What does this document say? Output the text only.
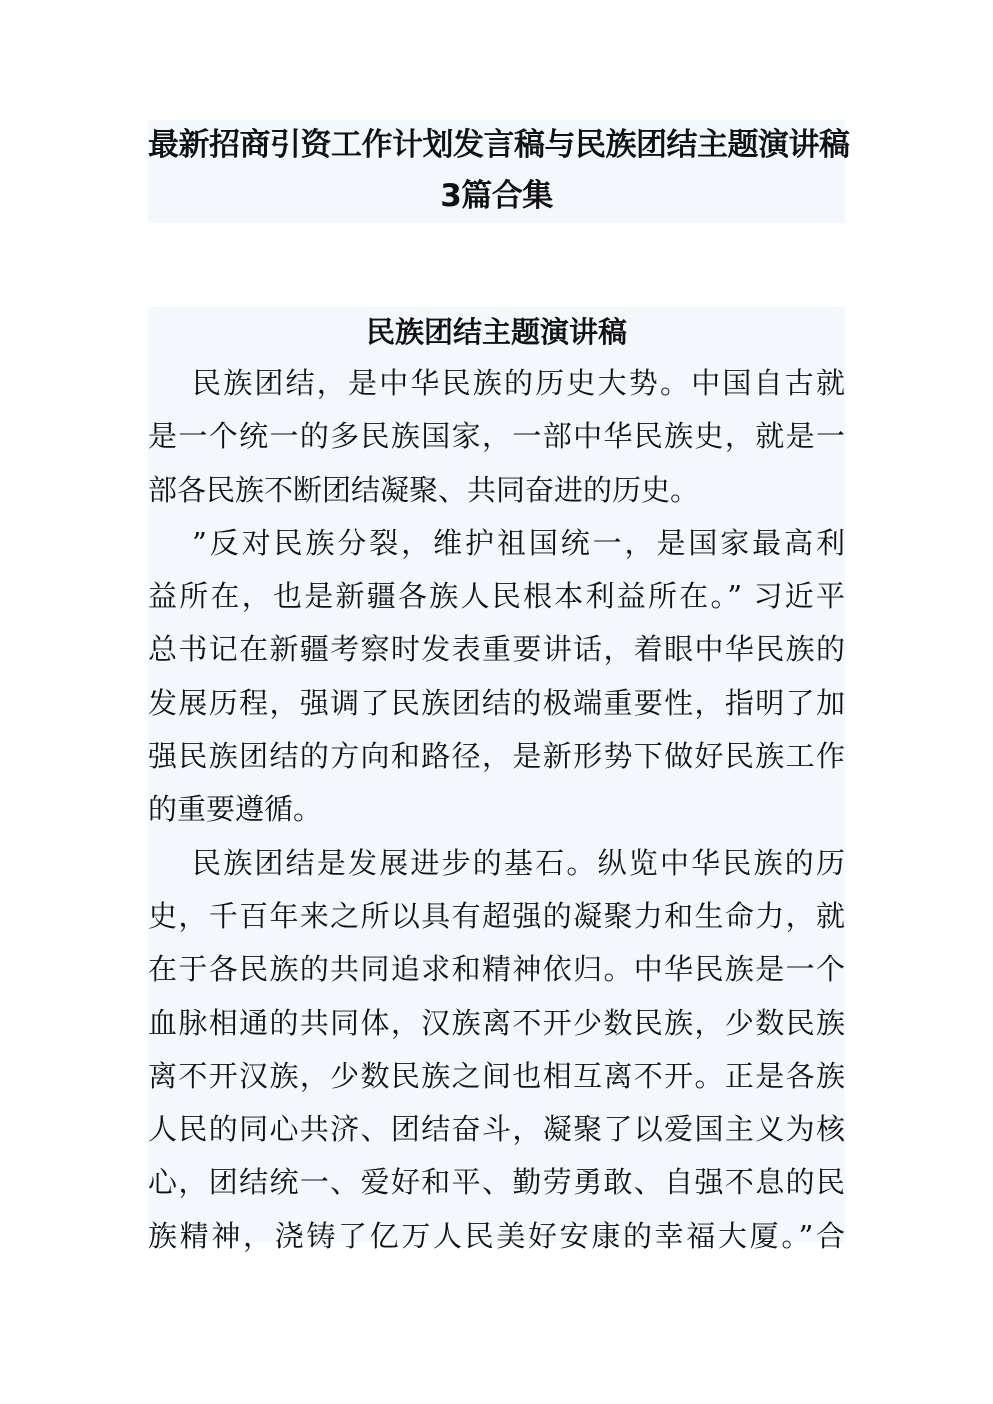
最新招商引资工作计划发言稿与民族团结主题演讲稿
3篇合集
民族团结主题演讲稿
民族团结，是中华民族的历史大势。中国自古就
是一个统一的多民族国家，一部中华民族史，就是一
部各民族不断团结凝聚、共同奋进的历史。
”反对民族分裂，维护祖国统一，是国家最高利
益所在，也是新疆各族人民根本利益所在。” 习近平
总书记在新疆考察时发表重要讲话，着眼中华民族的
发展历程，强调了民族团结的极端重要性，指明了加
强民族团结的方向和路径，是新形势下做好民族工作
的重要遵循。
民族团结是发展进步的基石。纵览中华民族的历
史，千百年来之所以具有超强的凝聚力和生命力，就
在于各民族的共同追求和精神依归。中华民族是一个
血脉相通的共同体，汉族离不开少数民族，少数民族
离不开汉族，少数民族之间也相互离不开。正是各族
人民的同心共济、团结奋斗，凝聚了以爱国主义为核
心，团结统一、爱好和平、勤劳勇敢、自强不息的民
族精神，浇铸了亿万人民美好安康的幸福大厦。”合
